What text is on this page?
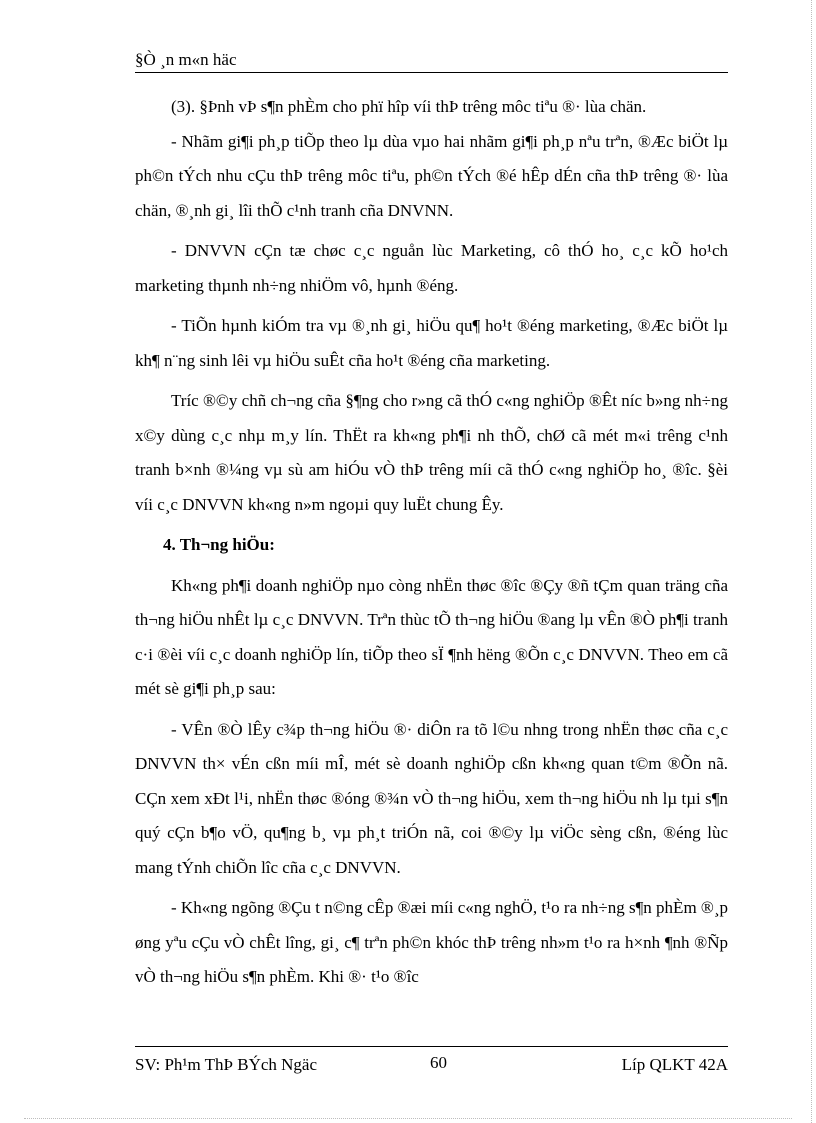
§Ò ¸n m«n häc

(3). §Þnh vÞ s¶n phÈm cho phï hîp víi thÞ trêng môc tiªu ®· lùa chän.

- Nhãm gi¶i ph¸p tiÕp theo lµ dùa vµo hai nhãm gi¶i ph¸p nªu trªn, ®Æc biÖt lµ ph©n tÝch nhu cÇu thÞ trêng môc tiªu, ph©n tÝch ®é hÊp dÉn cña thÞ trêng ®· lùa chän, ®¸nh gi¸ lîi thÕ c¹nh tranh cña DNVNN.

- DNVVN cÇn tæ chøc c¸c nguån lùc Marketing, cô thÓ ho¸ c¸c kÕ ho¹ch marketing thµnh nh÷ng nhiÖm vô, hµnh ®éng.

- TiÕn hµnh kiÓm tra vµ ®¸nh gi¸ hiÖu qu¶ ho¹t ®éng marketing, ®Æc biÖt lµ kh¶ n¨ng sinh lêi vµ hiÖu suÊt cña ho¹t ®éng cña marketing.

Tríc ®©y chñ ch¬ng cña §¶ng cho r»ng cã thÓ c«ng nghiÖp ®Êt níc b»ng nh÷ng x©y dùng c¸c nhµ m¸y lín. ThËt ra kh«ng ph¶i nh thÕ, chØ cã mét m«i trêng c¹nh tranh b×nh ®¼ng vµ sù am hiÓu vÒ thÞ trêng míi cã thÓ c«ng nghiÖp ho¸ ®îc. §èi víi c¸c DNVVN kh«ng n»m ngoµi quy luËt chung Êy.

4. Th¬ng hiÖu:

Kh«ng ph¶i doanh nghiÖp nµo còng nhËn thøc ®îc ®Çy ®ñ tÇm quan träng cña th¬ng hiÖu nhÊt lµ c¸c DNVVN. Trªn thùc tÕ th¬ng hiÖu ®ang lµ vÊn ®Ò ph¶i tranh c·i ®èi víi c¸c doanh nghiÖp lín, tiÕp theo sÏ ¶nh hëng ®Õn c¸c DNVVN. Theo em cã mét sè gi¶i ph¸p sau:

- VÊn ®Ò lÊy c¾p th¬ng hiÖu ®· diÔn ra tõ l©u nhng trong nhËn thøc cña c¸c DNVVN th× vÉn cßn míi mÎ, mét sè doanh nghiÖp cßn kh«ng quan t©m ®Õn nã. CÇn xem xÐt l¹i, nhËn thøc ®óng ®¾n vÒ th¬ng hiÖu, xem th¬ng hiÖu nh lµ tµi s¶n quý cÇn b¶o vÖ, qu¶ng b¸ vµ ph¸t triÓn nã, coi ®©y lµ viÖc sèng cßn, ®éng lùc mang tÝnh chiÕn lîc cña c¸c DNVVN.

- Kh«ng ngõng ®Çu t n©ng cÊp ®æi míi c«ng nghÖ, t¹o ra nh÷ng s¶n phÈm ®¸p øng yªu cÇu vÒ chÊt lîng, gi¸ c¶ trªn ph©n khóc thÞ trêng nh»m t¹o ra h×nh ¶nh ®Ñp vÒ th¬ng hiÖu s¶n phÈm. Khi ®· t¹o ®îc

SV: Ph¹m ThÞ BÝch Ngäc	60	Líp QLKT 42A
